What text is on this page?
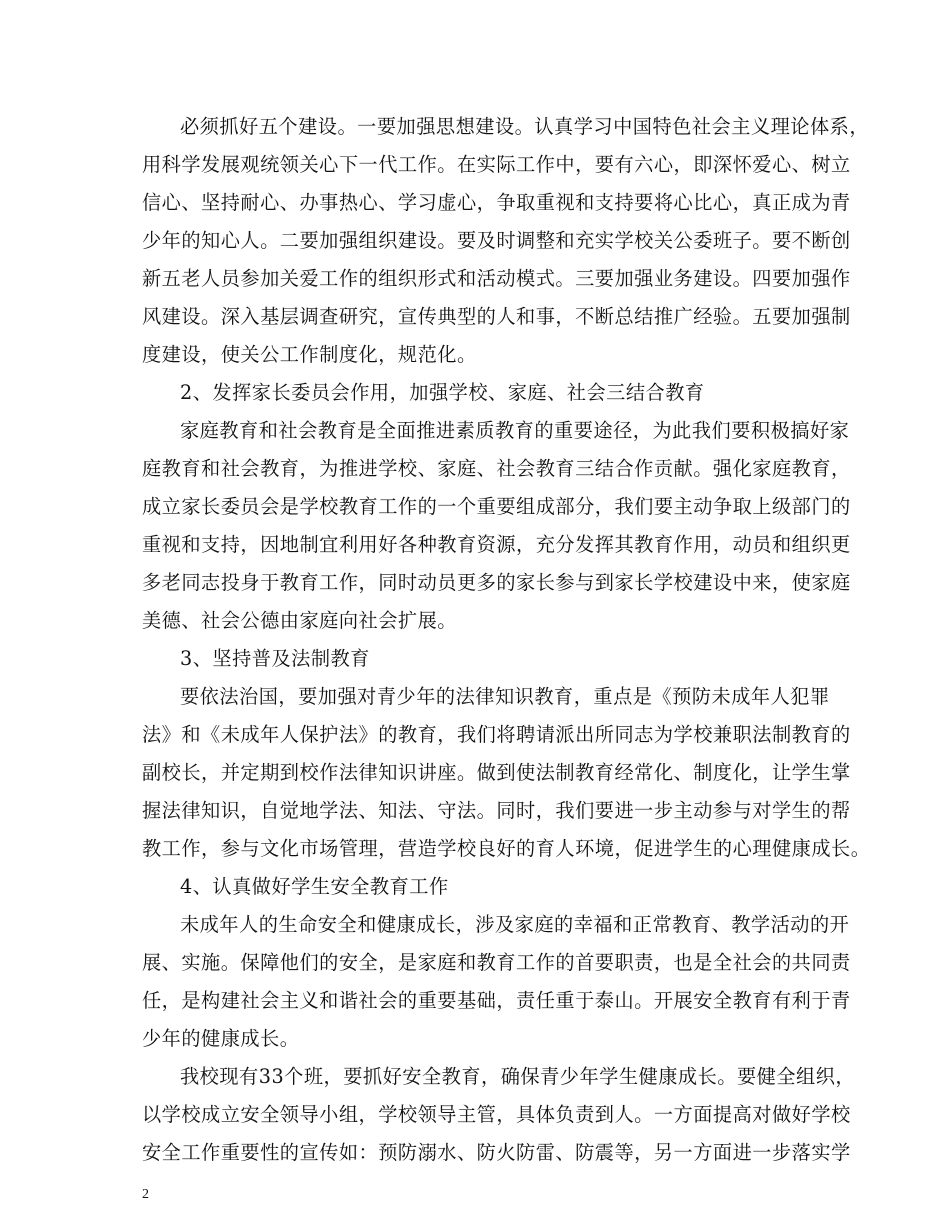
必须抓好五个建设。一要加强思想建设。认真学习中国特色社会主义理论体系，
用科学发展观统领关心下一代工作。在实际工作中，要有六心，即深怀爱心、树立
信心、坚持耐心、办事热心、学习虚心，争取重视和支持要将心比心，真正成为青
少年的知心人。二要加强组织建设。要及时调整和充实学校关公委班子。要不断创
新五老人员参加关爱工作的组织形式和活动模式。三要加强业务建设。四要加强作
风建设。深入基层调查研究，宣传典型的人和事，不断总结推广经验。五要加强制
度建设，使关公工作制度化，规范化。
2、发挥家长委员会作用，加强学校、家庭、社会三结合教育
家庭教育和社会教育是全面推进素质教育的重要途径，为此我们要积极搞好家
庭教育和社会教育，为推进学校、家庭、社会教育三结合作贡献。强化家庭教育，
成立家长委员会是学校教育工作的一个重要组成部分，我们要主动争取上级部门的
重视和支持，因地制宜利用好各种教育资源，充分发挥其教育作用，动员和组织更
多老同志投身于教育工作，同时动员更多的家长参与到家长学校建设中来，使家庭
美德、社会公德由家庭向社会扩展。
3、坚持普及法制教育
要依法治国，要加强对青少年的法律知识教育，重点是《预防未成年人犯罪
法》和《未成年人保护法》的教育，我们将聘请派出所同志为学校兼职法制教育的
副校长，并定期到校作法律知识讲座。做到使法制教育经常化、制度化，让学生掌
握法律知识，自觉地学法、知法、守法。同时，我们要进一步主动参与对学生的帮
教工作，参与文化市场管理，营造学校良好的育人环境，促进学生的心理健康成长。
4、认真做好学生安全教育工作
未成年人的生命安全和健康成长，涉及家庭的幸福和正常教育、教学活动的开
展、实施。保障他们的安全，是家庭和教育工作的首要职责，也是全社会的共同责
任，是构建社会主义和谐社会的重要基础，责任重于泰山。开展安全教育有利于青
少年的健康成长。
我校现有33个班，要抓好安全教育，确保青少年学生健康成长。要健全组织，
以学校成立安全领导小组，学校领导主管，具体负责到人。一方面提高对做好学校
安全工作重要性的宣传如：预防溺水、防火防雷、防震等，另一方面进一步落实学
2
